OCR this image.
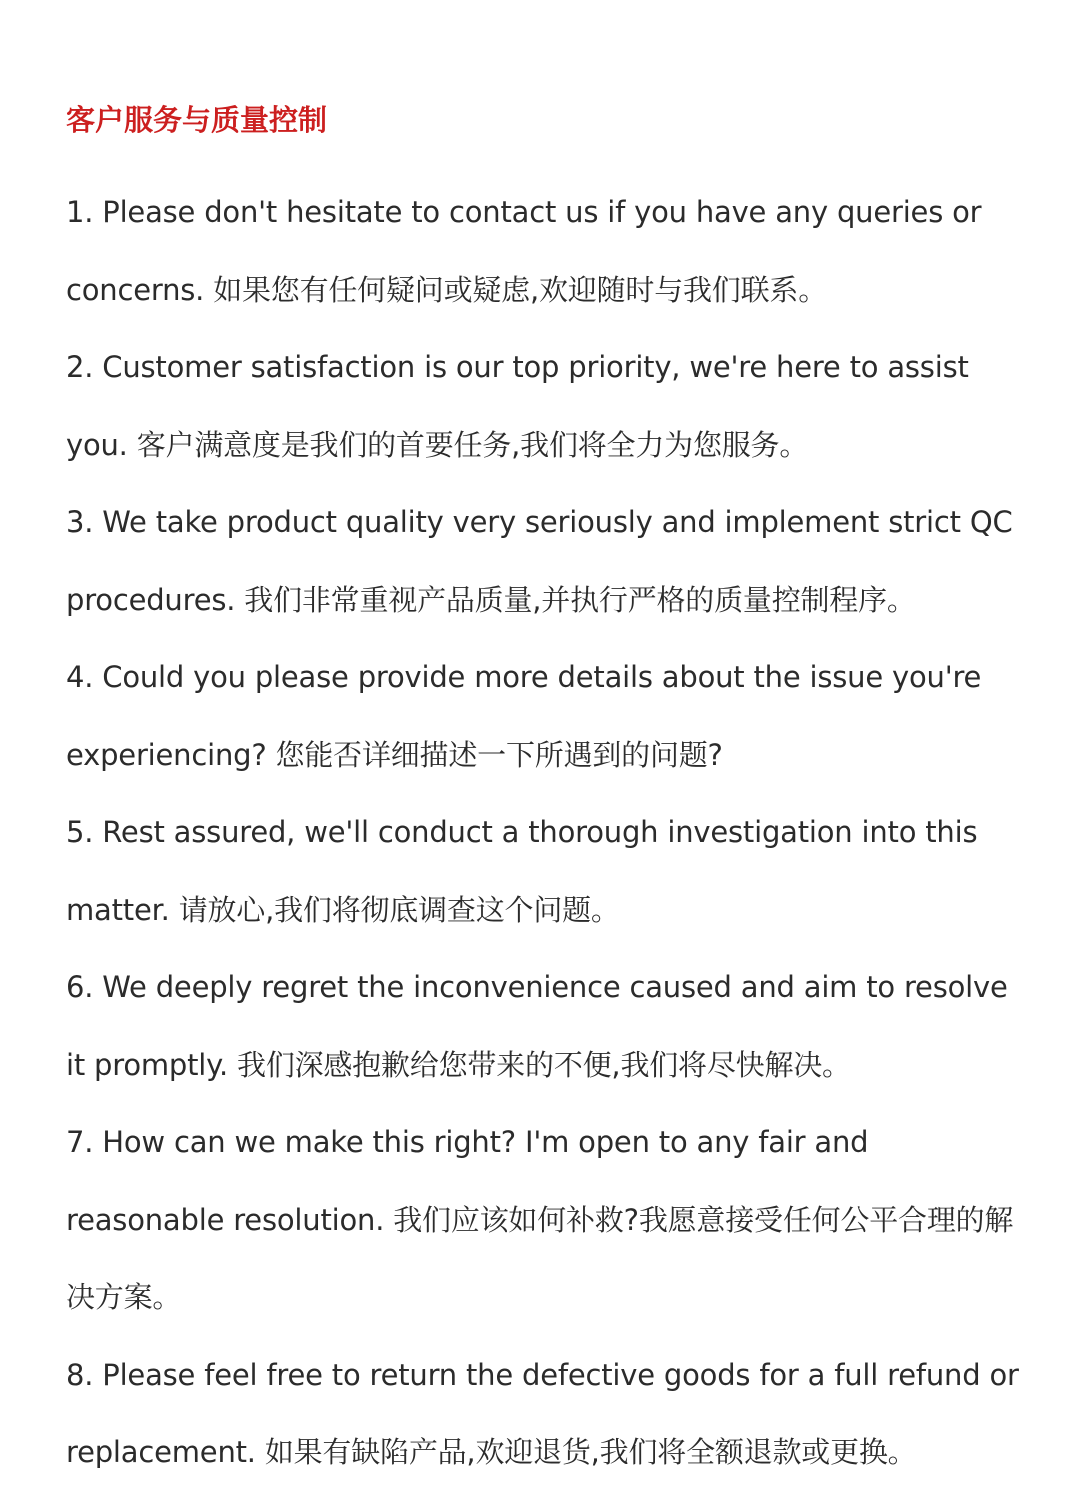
客户服务与质量控制

1. Please don't hesitate to contact us if you have any queries or concerns. 如果您有任何疑问或疑虑,欢迎随时与我们联系。

2. Customer satisfaction is our top priority, we're here to assist you. 客户满意度是我们的首要任务,我们将全力为您服务。

3. We take product quality very seriously and implement strict QC procedures. 我们非常重视产品质量,并执行严格的质量控制程序。

4. Could you please provide more details about the issue you're experiencing? 您能否详细描述一下所遇到的问题?

5. Rest assured, we'll conduct a thorough investigation into this matter. 请放心,我们将彻底调查这个问题。

6. We deeply regret the inconvenience caused and aim to resolve it promptly. 我们深感抱歉给您带来的不便,我们将尽快解决。

7. How can we make this right? I'm open to any fair and reasonable resolution. 我们应该如何补救?我愿意接受任何公平合理的解决方案。

8. Please feel free to return the defective goods for a full refund or replacement. 如果有缺陷产品,欢迎退货,我们将全额退款或更换。
